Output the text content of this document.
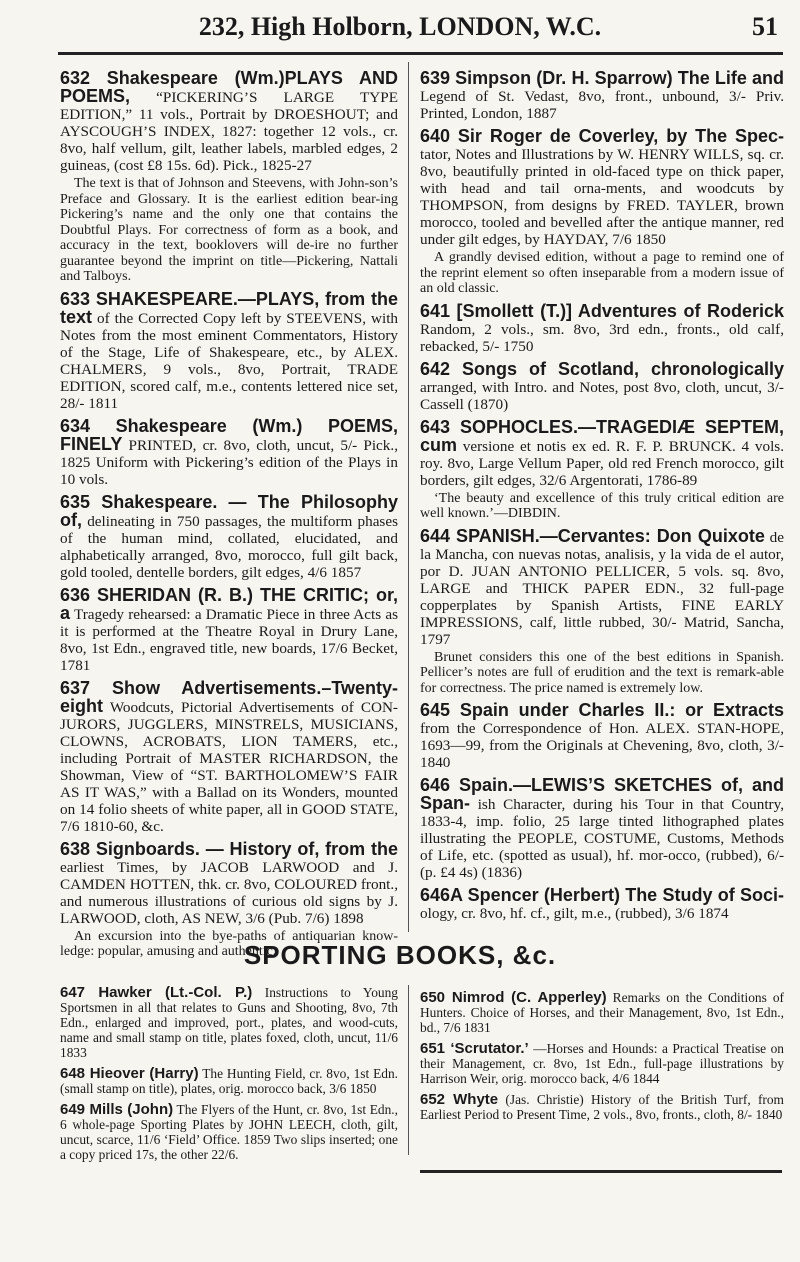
232, High Holborn, LONDON, W.C.	51
632 Shakespeare (Wm.)PLAYS AND POEMS, “PICKERING’S LARGE TYPE EDITION,” 11 vols., Portrait by DROESHOUT; and AYSCOUGH’S INDEX, 1827: together 12 vols., cr. 8vo, half vellum, gilt, leather labels, marbled edges, 2 guineas, (cost £8 15s. 6d). Pick., 1825-27
The text is that of Johnson and Steevens, with John-son’s Preface and Glossary. It is the earliest edition bear-ing Pickering’s name and the only one that contains the Doubtful Plays. For correctness of form as a book, and accuracy in the text, booklovers will de-ire no further guarantee beyond the imprint on title—Pickering, Nattali and Talboys.
633 SHAKESPEARE.—PLAYS, from the text of the Corrected Copy left by STEEVENS, with Notes from the most eminent Commentators, History of the Stage, Life of Shakespeare, etc., by ALEX. CHALMERS, 9 vols., 8vo, Portrait, TRADE EDITION, scored calf, m.e., contents lettered nice set, 28/- 1811
634 Shakespeare (Wm.) POEMS, FINELY PRINTED, cr. 8vo, cloth, uncut, 5/- Pick., 1825 Uniform with Pickering’s edition of the Plays in 10 vols.
635 Shakespeare. — The Philosophy of, delineating in 750 passages, the multiform phases of the human mind, collated, elucidated, and alphabetically arranged, 8vo, morocco, full gilt back, gold tooled, dentelle borders, gilt edges, 4/6 1857
636 SHERIDAN (R. B.) THE CRITIC; or, a Tragedy rehearsed: a Dramatic Piece in three Acts as it is performed at the Theatre Royal in Drury Lane, 8vo, 1st Edn., engraved title, new boards, 17/6 Becket, 1781
637 Show Advertisements.–Twenty-eight Woodcuts, Pictorial Advertisements of CON-JURORS, JUGGLERS, MINSTRELS, MUSICIANS, CLOWNS, ACROBATS, LION TAMERS, etc., including Portrait of MASTER RICHARDSON, the Showman, View of “ST. BARTHOLOMEW’S FAIR AS IT WAS,” with a Ballad on its Wonders, mounted on 14 folio sheets of white paper, all in GOOD STATE, 7/6 1810-60, &c.
638 Signboards. — History of, from the earliest Times, by JACOB LARWOOD and J. CAMDEN HOTTEN, thk. cr. 8vo, COLOURED front., and numerous illustrations of curious old signs by J. LARWOOD, cloth, AS NEW, 3/6 (Pub. 7/6) 1898
An excursion into the bye-paths of antiquarian know-ledge: popular, amusing and authentic.
639 Simpson (Dr. H. Sparrow) The Life and Legend of St. Vedast, 8vo, front., unbound, 3/- Priv. Printed, London, 1887
640 Sir Roger de Coverley, by The Spec- tator, Notes and Illustrations by W. HENRY WILLS, sq. cr. 8vo, beautifully printed in old-faced type on thick paper, with head and tail orna-ments, and woodcuts by THOMPSON, from designs by FRED. TAYLER, brown morocco, tooled and bevelled after the antique manner, red under gilt edges, by HAYDAY, 7/6 1850
A grandly devised edition, without a page to remind one of the reprint element so often inseparable from a modern issue of an old classic.
641 [Smollett (T.)] Adventures of Roderick Random, 2 vols., sm. 8vo, 3rd edn., fronts., old calf, rebacked, 5/- 1750
642 Songs of Scotland, chronologically arranged, with Intro. and Notes, post 8vo, cloth, uncut, 3/- Cassell (1870)
643 SOPHOCLES.—TRAGEDIÆ SEPTEM, cum versione et notis ex ed. R. F. P. BRUNCK. 4 vols. roy. 8vo, Large Vellum Paper, old red French morocco, gilt borders, gilt edges, 32/6 Argentorati, 1786-89
‘The beauty and excellence of this truly critical edition are well known.’—DIBDIN.
644 SPANISH.—Cervantes: Don Quixote de la Mancha, con nuevas notas, analisis, y la vida de el autor, por D. JUAN ANTONIO PELLICER, 5 vols. sq. 8vo, LARGE and THICK PAPER EDN., 32 full-page copperplates by Spanish Artists, FINE EARLY IMPRESSIONS, calf, little rubbed, 30/- Matrid, Sancha, 1797
Brunet considers this one of the best editions in Spanish. Pellicer’s notes are full of erudition and the text is remark-able for correctness. The price named is extremely low.
645 Spain under Charles II.: or Extracts from the Correspondence of Hon. ALEX. STAN-HOPE, 1693—99, from the Originals at Chevening, 8vo, cloth, 3/- 1840
646 Spain.—LEWIS’S SKETCHES of, and Span- ish Character, during his Tour in that Country, 1833-4, imp. folio, 25 large tinted lithographed plates illustrating the PEOPLE, COSTUME, Customs, Methods of Life, etc. (spotted as usual), hf. mor-occo, (rubbed), 6/- (p. £4 4s) (1836)
646A Spencer (Herbert) The Study of Soci- ology, cr. 8vo, hf. cf., gilt, m.e., (rubbed), 3/6 1874
SPORTING BOOKS, &c.
647 Hawker (Lt.-Col. P.) Instructions to Young Sportsmen in all that relates to Guns and Shooting, 8vo, 7th Edn., enlarged and improved, port., plates, and wood-cuts, name and small stamp on title, plates foxed, cloth, uncut, 11/6 1833
648 Hieover (Harry) The Hunting Field, cr. 8vo, 1st Edn. (small stamp on title), plates, orig. morocco back, 3/6 1850
649 Mills (John) The Flyers of the Hunt, cr. 8vo, 1st Edn., 6 whole-page Sporting Plates by JOHN LEECH, cloth, gilt, uncut, scarce, 11/6 ‘Field’ Office. 1859 Two slips inserted; one a copy priced 17s, the other 22/6.
650 Nimrod (C. Apperley) Remarks on the Conditions of Hunters. Choice of Horses, and their Management, 8vo, 1st Edn., bd., 7/6 1831
651 ‘Scrutator.’ —Horses and Hounds: a Practical Treatise on their Management, cr. 8vo, 1st Edn., full-page illustrations by Harrison Weir, orig. morocco back, 4/6 1844
652 Whyte (Jas. Christie) History of the British Turf, from Earliest Period to Present Time, 2 vols., 8vo, fronts., cloth, 8/- 1840
